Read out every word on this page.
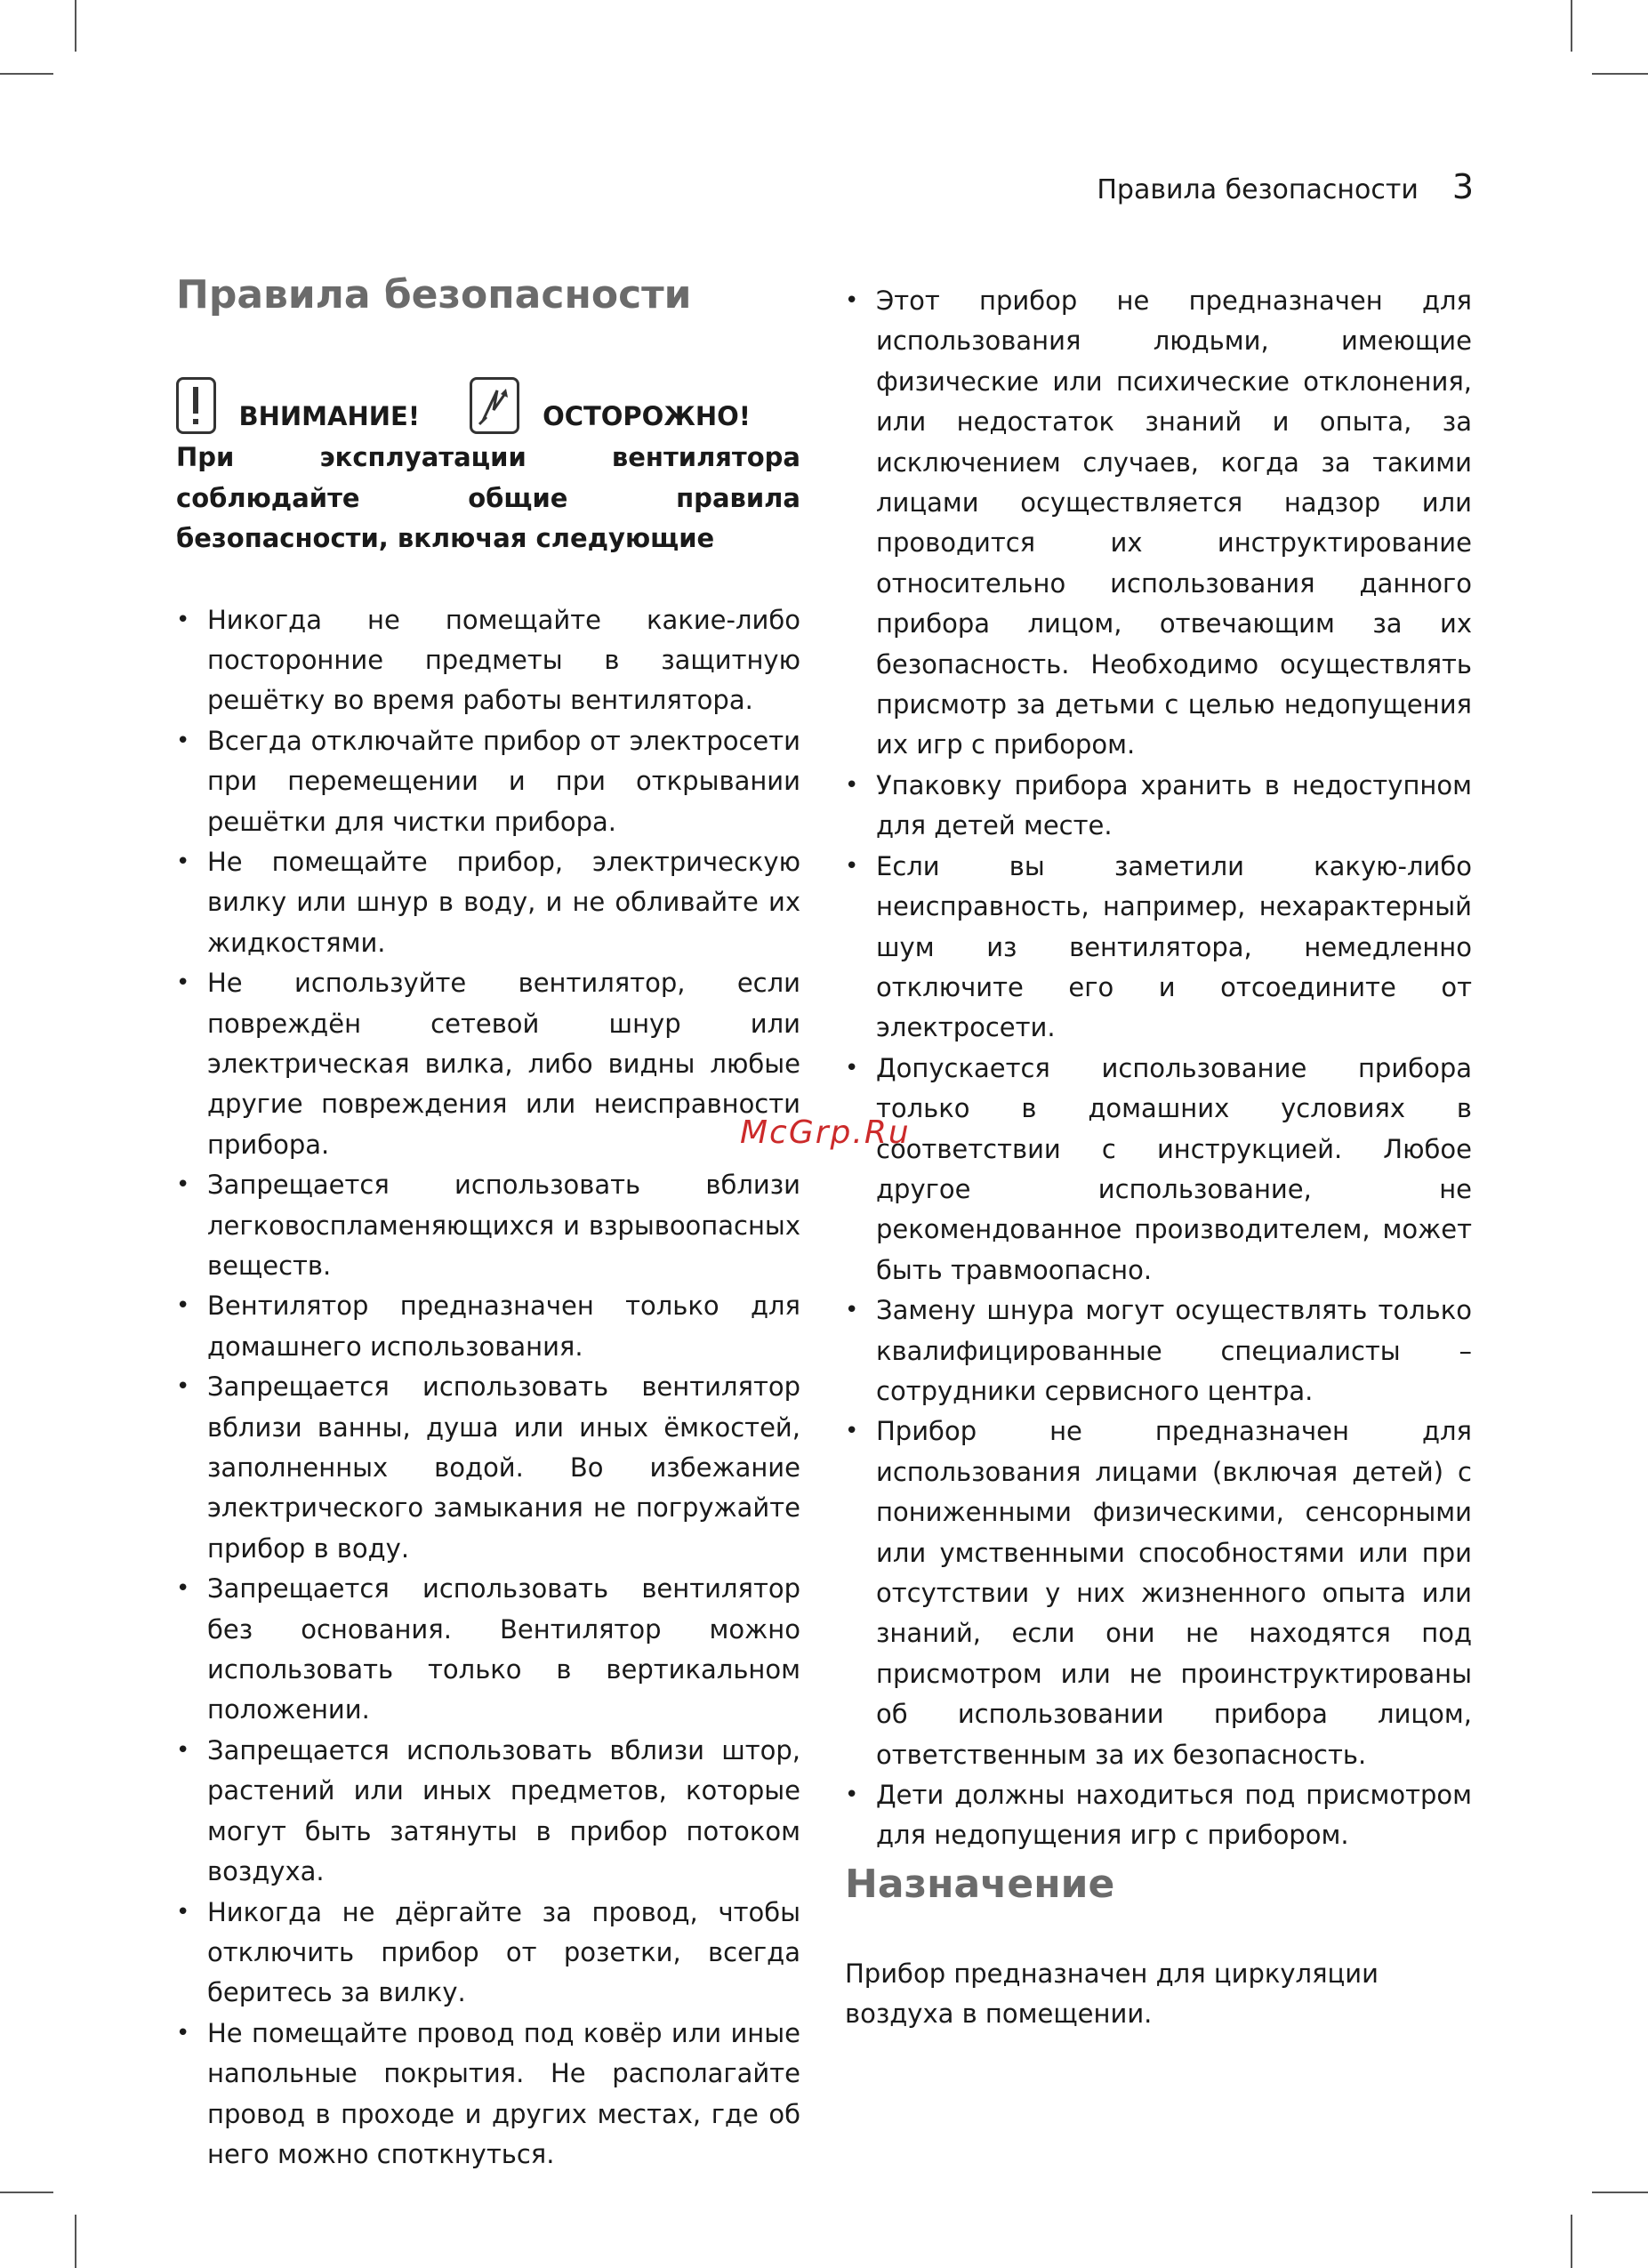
Правила безопасности 3
Правила безопасности
ВНИМАНИЕ!	ОСТОРОЖНО!

При эксплуатации вентилятора соблюдайте общие правила безопасности, включая следующие

• Никогда не помещайте какие-либо посторонние предметы в защитную решётку во время работы вентилятора.
• Всегда отключайте прибор от электросети при перемещении и при открывании решётки для чистки прибора.
• Не помещайте прибор, электрическую вилку или шнур в воду, и не обливайте их жидкостями.
• Не используйте вентилятор, если повреждён сетевой шнур или электрическая вилка, либо видны любые другие повреждения или неисправности прибора.
• Запрещается использовать вблизи легковоспламеняющихся и взрывоопасных веществ.
• Вентилятор предназначен только для домашнего использования.
• Запрещается использовать вентилятор вблизи ванны, душа или иных ёмкостей, заполненных водой. Во избежание электрического замыкания не погружайте прибор в воду.
• Запрещается использовать вентилятор без основания. Вентилятор можно использовать только в вертикальном положении.
• Запрещается использовать вблизи штор, растений или иных предметов, которые могут быть затянуты в прибор потоком воздуха.
• Никогда не дёргайте за провод, чтобы отключить прибор от розетки, всегда беритесь за вилку.
• Не помещайте провод под ковёр или иные напольные покрытия. Не располагайте провод в проходе и других местах, где об него можно споткнуться.
• Этот прибор не предназначен для использования людьми, имеющие физические или психические отклонения, или недостаток знаний и опыта, за исключением случаев, когда за такими лицами осуществляется надзор или проводится их инструктирование относительно использования данного прибора лицом, отвечающим за их безопасность. Необходимо осуществлять присмотр за детьми с целью недопущения их игр с прибором.
• Упаковку прибора хранить в недоступном для детей месте.
• Если вы заметили какую-либо неисправность, например, нехарактерный шум из вентилятора, немедленно отключите его и отсоедините от электросети.
• Допускается использование прибора только в домашних условиях в соответствии с инструкцией. Любое другое использование, не рекомендованное производителем, может быть травмоопасно.
• Замену шнура могут осуществлять только квалифицированные специалисты – сотрудники сервисного центра.
• Прибор не предназначен для использования лицами (включая детей) с пониженными физическими, сенсорными или умственными способностями или при отсутствии у них жизненного опыта или знаний, если они не находятся под присмотром или не проинструктированы об использовании прибора лицом, ответственным за их безопасность.
• Дети должны находиться под присмотром для недопущения игр с прибором.
Назначение

Прибор предназначен для циркуляции воздуха в помещении.

McGrp.Ru
